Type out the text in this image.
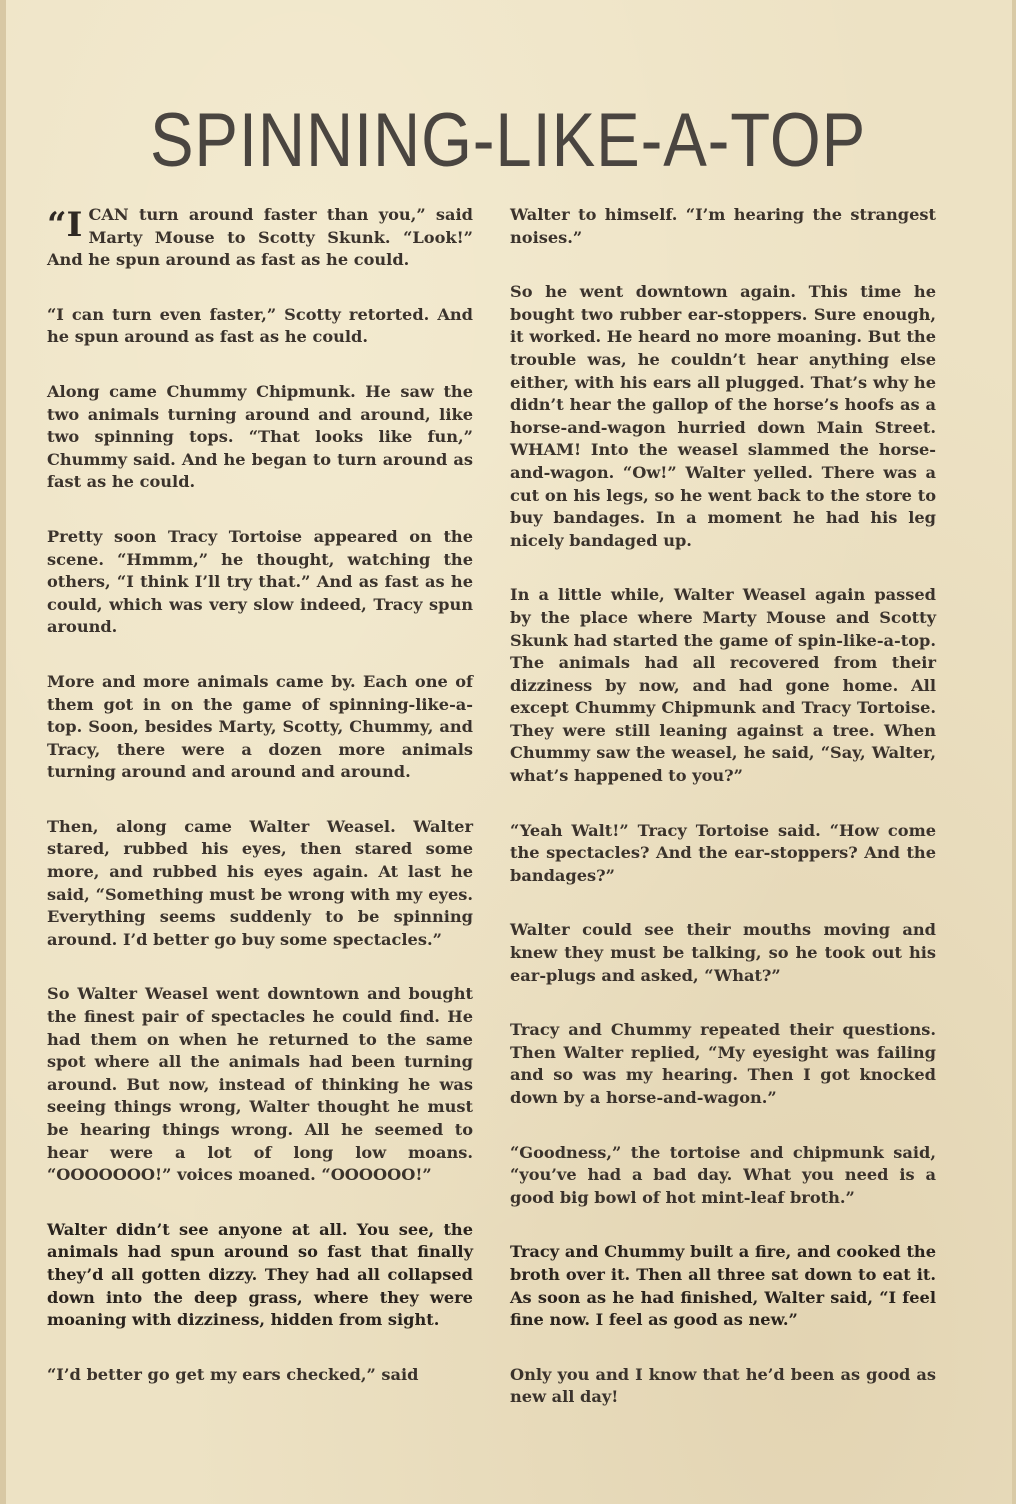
SPINNING-LIKE-A-TOP

“I CAN turn around faster than you,” said Marty Mouse to Scotty Skunk. “Look!” And he spun around as fast as he could.

“I can turn even faster,” Scotty retorted. And he spun around as fast as he could.

Along came Chummy Chipmunk. He saw the two animals turning around and around, like two spinning tops. “That looks like fun,” Chummy said. And he began to turn around as fast as he could.

Pretty soon Tracy Tortoise appeared on the scene. “Hmmm,” he thought, watching the others, “I think I’ll try that.” And as fast as he could, which was very slow indeed, Tracy spun around.

More and more animals came by. Each one of them got in on the game of spinning-like-a-top. Soon, besides Marty, Scotty, Chummy, and Tracy, there were a dozen more animals turning around and around and around.

Then, along came Walter Weasel. Walter stared, rubbed his eyes, then stared some more, and rubbed his eyes again. At last he said, “Something must be wrong with my eyes. Everything seems suddenly to be spinning around. I’d better go buy some spectacles.”

So Walter Weasel went downtown and bought the finest pair of spectacles he could find. He had them on when he returned to the same spot where all the animals had been turning around. But now, instead of thinking he was seeing things wrong, Walter thought he must be hearing things wrong. All he seemed to hear were a lot of long low moans. “OOOOOOO!” voices moaned. “OOOOOO!”

Walter didn’t see anyone at all. You see, the animals had spun around so fast that finally they’d all gotten dizzy. They had all collapsed down into the deep grass, where they were moaning with dizziness, hidden from sight.

“I’d better go get my ears checked,” said

Walter to himself. “I’m hearing the strangest noises.”

So he went downtown again. This time he bought two rubber ear-stoppers. Sure enough, it worked. He heard no more moaning. But the trouble was, he couldn’t hear anything else either, with his ears all plugged. That’s why he didn’t hear the gallop of the horse’s hoofs as a horse-and-wagon hurried down Main Street. WHAM! Into the weasel slammed the horse-and-wagon. “Ow!” Walter yelled. There was a cut on his legs, so he went back to the store to buy bandages. In a moment he had his leg nicely bandaged up.

In a little while, Walter Weasel again passed by the place where Marty Mouse and Scotty Skunk had started the game of spin-like-a-top. The animals had all recovered from their dizziness by now, and had gone home. All except Chummy Chipmunk and Tracy Tortoise. They were still leaning against a tree. When Chummy saw the weasel, he said, “Say, Walter, what’s happened to you?”

“Yeah Walt!” Tracy Tortoise said. “How come the spectacles? And the ear-stoppers? And the bandages?”

Walter could see their mouths moving and knew they must be talking, so he took out his ear-plugs and asked, “What?”

Tracy and Chummy repeated their questions. Then Walter replied, “My eyesight was failing and so was my hearing. Then I got knocked down by a horse-and-wagon.”

“Goodness,” the tortoise and chipmunk said, “you’ve had a bad day. What you need is a good big bowl of hot mint-leaf broth.”

Tracy and Chummy built a fire, and cooked the broth over it. Then all three sat down to eat it. As soon as he had finished, Walter said, “I feel fine now. I feel as good as new.”

Only you and I know that he’d been as good as new all day!
